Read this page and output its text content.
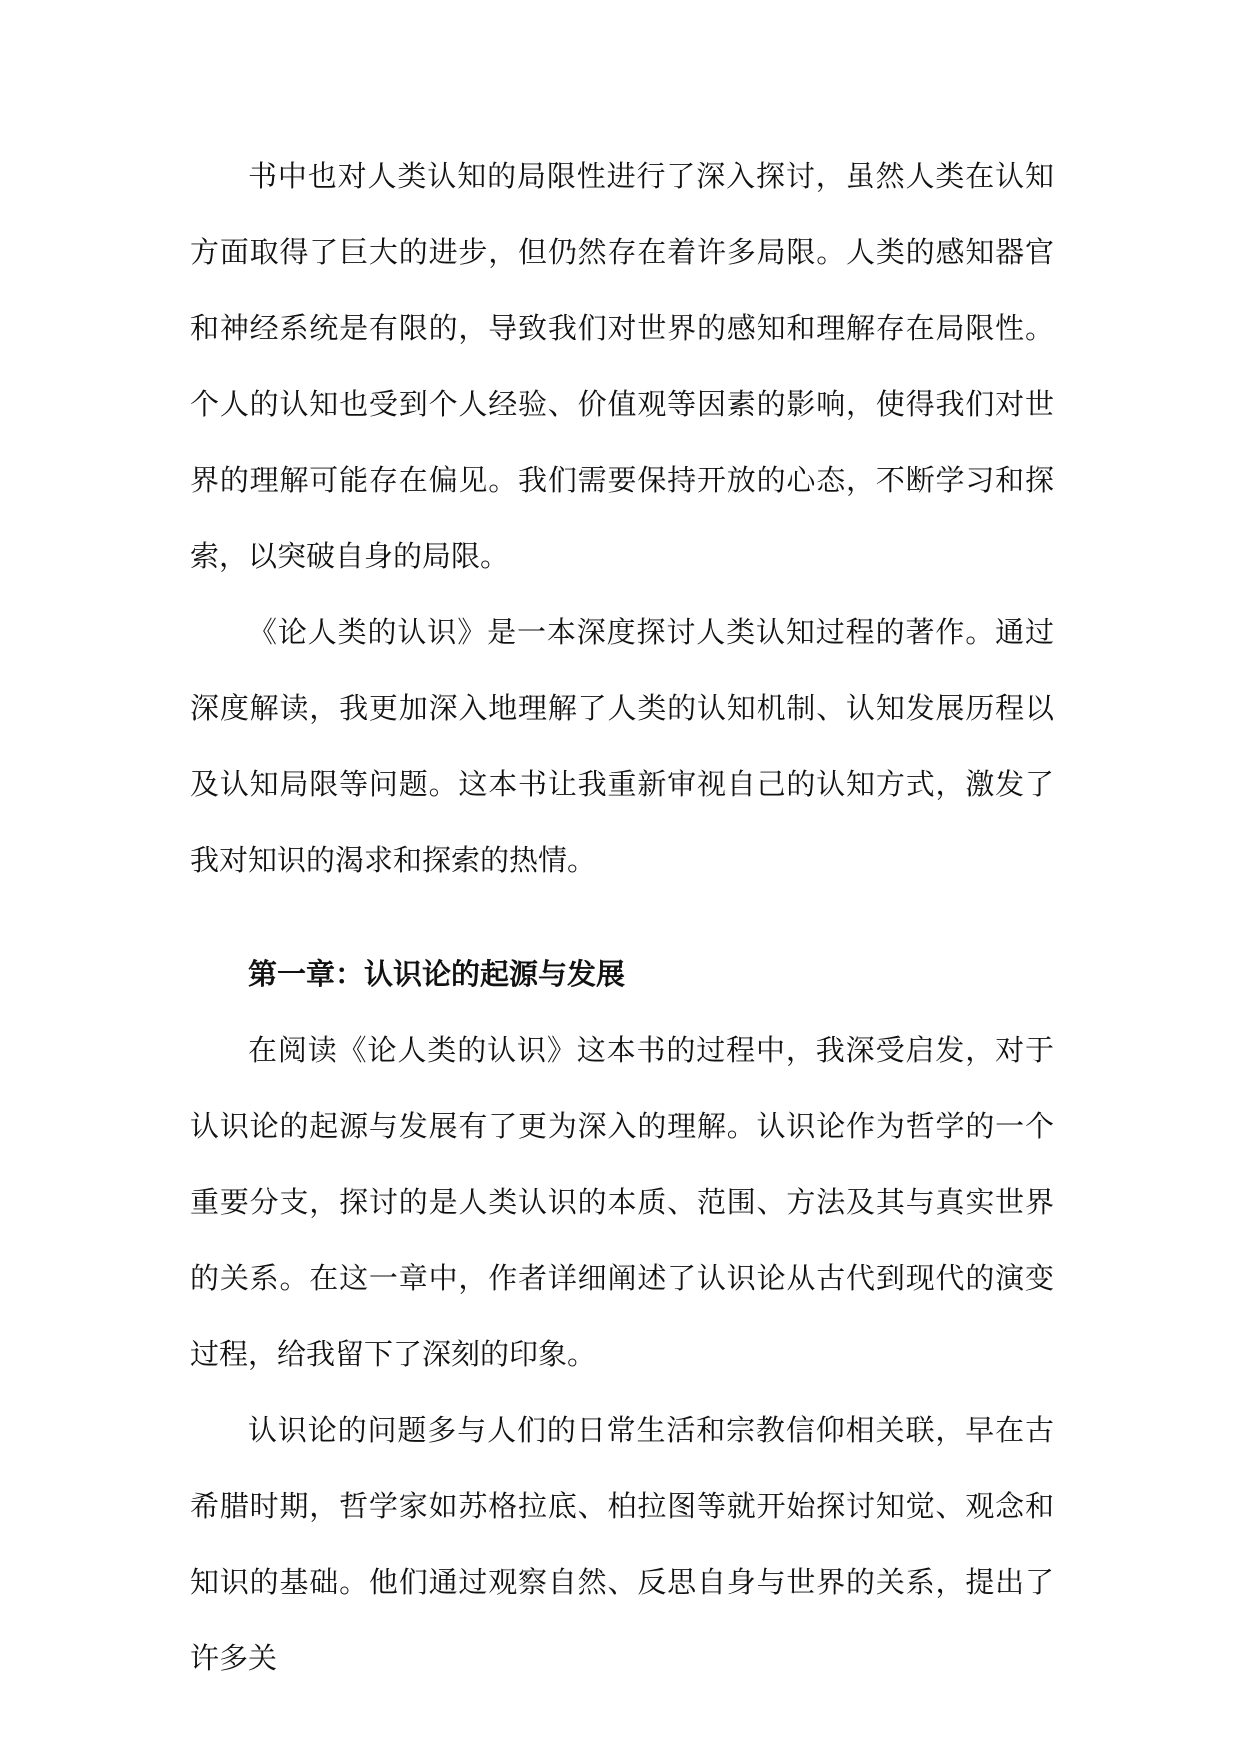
书中也对人类认知的局限性进行了深入探讨，虽然人类在认知方面取得了巨大的进步，但仍然存在着许多局限。人类的感知器官和神经系统是有限的，导致我们对世界的感知和理解存在局限性。个人的认知也受到个人经验、价值观等因素的影响，使得我们对世界的理解可能存在偏见。我们需要保持开放的心态，不断学习和探索，以突破自身的局限。

《论人类的认识》是一本深度探讨人类认知过程的著作。通过深度解读，我更加深入地理解了人类的认知机制、认知发展历程以及认知局限等问题。这本书让我重新审视自己的认知方式，激发了我对知识的渴求和探索的热情。

第一章：认识论的起源与发展

在阅读《论人类的认识》这本书的过程中，我深受启发，对于认识论的起源与发展有了更为深入的理解。认识论作为哲学的一个重要分支，探讨的是人类认识的本质、范围、方法及其与真实世界的关系。在这一章中，作者详细阐述了认识论从古代到现代的演变过程，给我留下了深刻的印象。

认识论的问题多与人们的日常生活和宗教信仰相关联，早在古希腊时期，哲学家如苏格拉底、柏拉图等就开始探讨知觉、观念和知识的基础。他们通过观察自然、反思自身与世界的关系，提出了许多关
